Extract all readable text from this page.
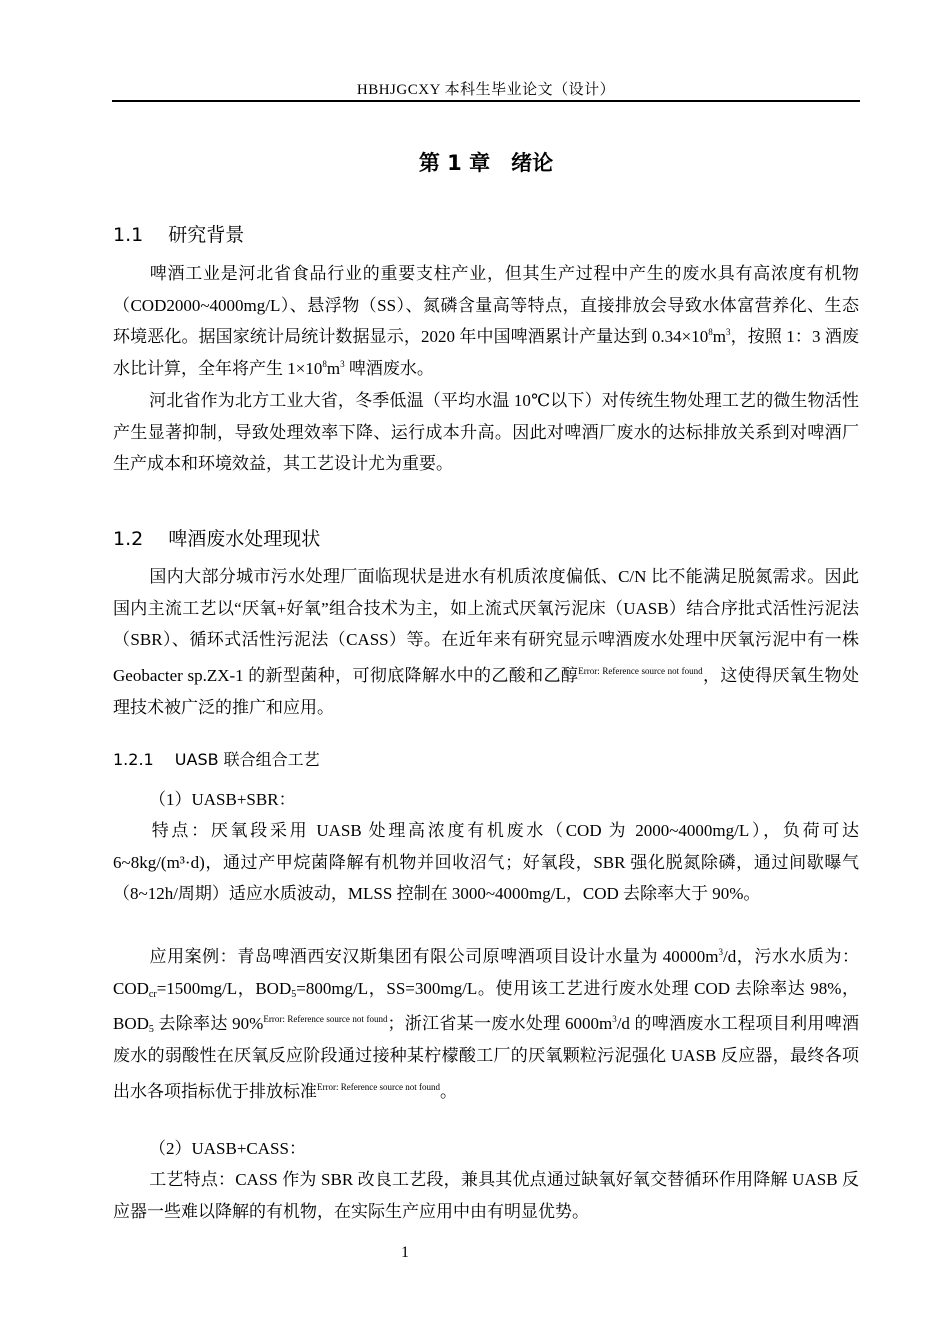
HBHJGCXY 本科生毕业论文（设计）
第 1 章　绪论
1.1　 研究背景

啤酒工业是河北省食品行业的重要支柱产业，但其生产过程中产生的废水具有高浓度有机物（COD2000~4000mg/L）、悬浮物（SS）、氮磷含量高等特点，直接排放会导致水体富营养化、生态环境恶化。据国家统计局统计数据显示，2020 年中国啤酒累计产量达到 $0.34\times 10^8m^3$，按照 1：3 酒废水比计算，全年将产生 $1\times 10^8m^3$ 啤酒废水。

河北省作为北方工业大省，冬季低温（平均水温 10℃以下）对传统生物处理工艺的微生物活性产生显著抑制，导致处理效率下降、运行成本升高。因此对啤酒厂废水的达标排放关系到对啤酒厂生产成本和环境效益，其工艺设计尤为重要。

1.2　 啤酒废水处理现状

国内大部分城市污水处理厂面临现状是进水有机质浓度偏低、C/N 比不能满足脱氮需求。因此国内主流工艺以“厌氧+好氧”组合技术为主，如上流式厌氧污泥床（UASB）结合序批式活性污泥法（SBR）、循环式活性污泥法（CASS）等。在近年来有研究显示啤酒废水处理中厌氧污泥中有一株 Geobacter sp.ZX-1 的新型菌种，可彻底降解水中的乙酸和乙醇$^{Error: Reference source not found}$，这使得厌氧生物处理技术被广泛的推广和应用。

1.2.1　 UASB 联合组合工艺

（1）UASB+SBR：

特点：厌氧段采用 UASB 处理高浓度有机废水（COD 为 2000~4000mg/L），负荷可达 6~8kg/(m³·d)，通过产甲烷菌降解有机物并回收沼气；好氧段，SBR 强化脱氮除磷，通过间歇曝气（8~12h/周期）适应水质波动，MLSS 控制在 3000~4000mg/L，COD 去除率大于 90%。

应用案例：青岛啤酒西安汉斯集团有限公司原啤酒项目设计水量为 $40000m^3/d$，污水水质为：$COD_{cr}=1500mg/L$，$BOD_5=800mg/L$，SS=300mg/L。使用该工艺进行废水处理 COD 去除率达 98%，$BOD_5$ 去除率达 90%$^{Error: Reference source not found}$；浙江省某一废水处理 $6000m^3/d$ 的啤酒废水工程项目利用啤酒废水的弱酸性在厌氧反应阶段通过接种某柠檬酸工厂的厌氧颗粒污泥强化 UASB 反应器，最终各项出水各项指标优于排放标准$^{Error: Reference source not found}$。

（2）UASB+CASS：

工艺特点：CASS 作为 SBR 改良工艺段，兼具其优点通过缺氧好氧交替循环作用降解 UASB 反应器一些难以降解的有机物，在实际生产应用中由有明显优势。

1
